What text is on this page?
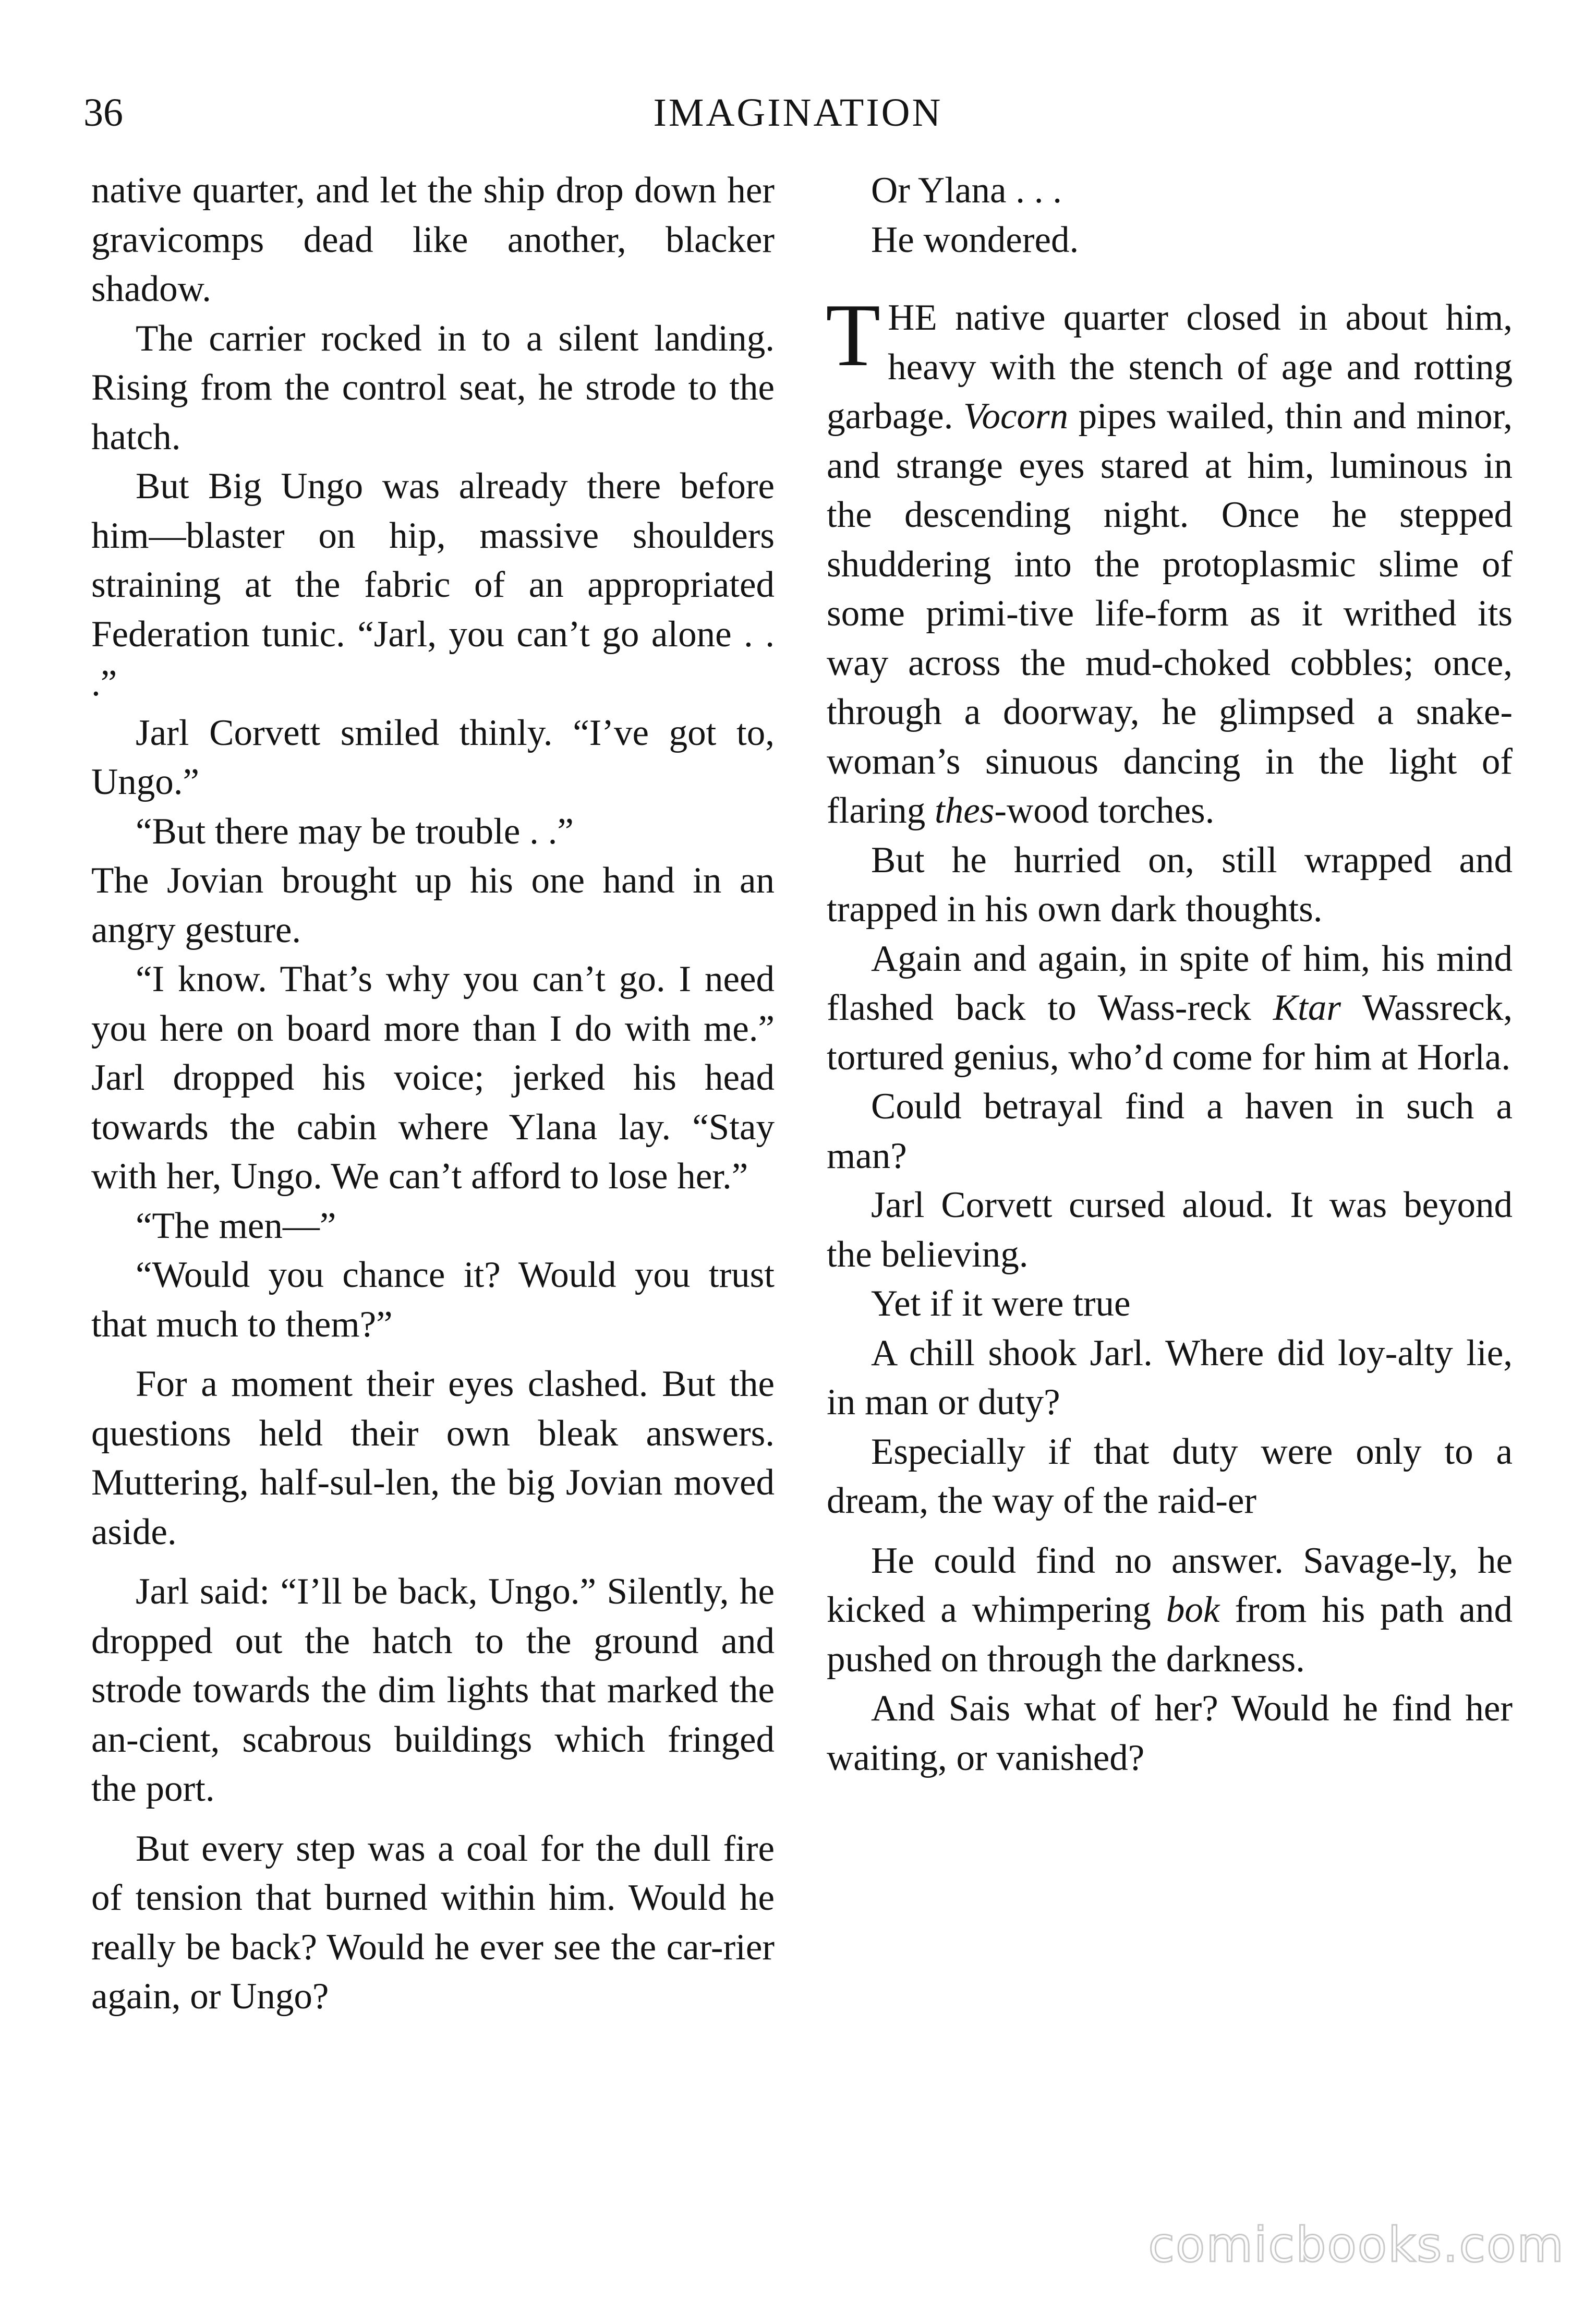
36	IMAGINATION

native quarter, and let the ship drop down her gravicomps dead like another, blacker shadow.

The carrier rocked in to a silent landing. Rising from the control seat, he strode to the hatch.

But Big Ungo was already there before him—blaster on hip, massive shoulders straining at the fabric of an appropriated Federation tunic. “Jarl, you can’t go alone . . .”

Jarl Corvett smiled thinly. “I’ve got to, Ungo.”

“But there may be trouble . .”

The Jovian brought up his one hand in an angry gesture.

“I know. That’s why you can’t go. I need you here on board more than I do with me.” Jarl dropped his voice; jerked his head towards the cabin where Ylana lay. “Stay with her, Ungo. We can’t afford to lose her.”

“The men—”

“Would you chance it? Would you trust that much to them?”

For a moment their eyes clashed. But the questions held their own bleak answers. Muttering, half-sul-len, the big Jovian moved aside.

Jarl said: “I’ll be back, Ungo.” Silently, he dropped out the hatch to the ground and strode towards the dim lights that marked the an-cient, scabrous buildings which fringed the port.

But every step was a coal for the dull fire of tension that burned within him. Would he really be back? Would he ever see the car-rier again, or Ungo?

Or Ylana . . .

He wondered.

THE native quarter closed in about him, heavy with the stench of age and rotting garbage. Vocorn pipes wailed, thin and minor, and strange eyes stared at him, luminous in the descending night. Once he stepped shuddering into the protoplasmic slime of some primi-tive life-form as it writhed its way across the mud-choked cobbles; once, through a doorway, he glimpsed a snake-woman’s sinuous dancing in the light of flaring thes-wood torches.

But he hurried on, still wrapped and trapped in his own dark thoughts.

Again and again, in spite of him, his mind flashed back to Wass-reck Ktar Wassreck, tortured genius, who’d come for him at Horla.

Could betrayal find a haven in such a man?

Jarl Corvett cursed aloud. It was beyond the believing.

Yet if it were true

A chill shook Jarl. Where did loy-alty lie, in man or duty?

Especially if that duty were only to a dream, the way of the raid-er

He could find no answer. Savage-ly, he kicked a whimpering bok from his path and pushed on through the darkness.

And Sais what of her? Would he find her waiting, or vanished?

comicbooks.com
